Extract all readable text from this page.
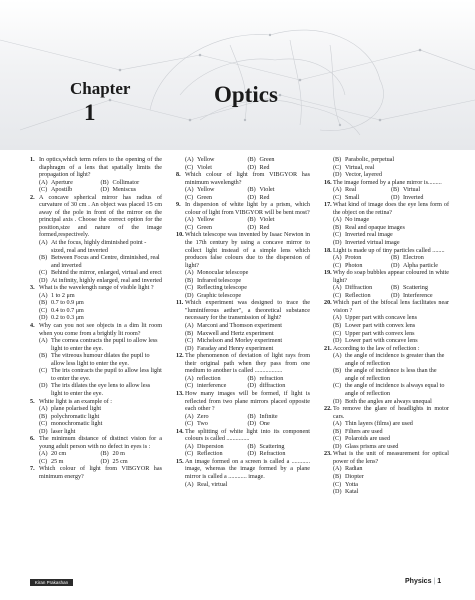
Chapter
1
Optics
1. In optics,which term refers to the opening of the diaphragm of a lens that spatially limits the propagation of light?
(A) Aperture	(B) Collimator
(C) Apostilb	(D) Meniscus
2. A concave spherical mirror has radius of curvature of 30 cm . An object was placed 15 cm away of the pole in front of the mirror on the principal axis . Choose the correct option for the position,size and nature of the image formed,respectively.
(A) At the focus, highly diminished point - sized, real and inverted
(B) Between Focus and Centre, diminished, real and inverted
(C) Behind the mirror, enlarged, virtual and erect
(D) At infinity, highly enlarged, real and inverted
3. What is the wavelength range of visible light ?
(A) 1 to 2 μm
(B) 0.7 to 0.9 μm
(C) 0.4 to 0.7 μm
(D) 0.2 to 0.3 μm
4. Why can you not see objects in a dim lit room when you come from a brightly lit room?
(A) The cornea contracts the pupil to allow less light to enter the eye.
(B) The vitreous humour dilates the pupil to allow less light to enter the eye.
(C) The iris contracts the pupil to allow less light to enter the eye.
(D) The iris dilates the eye lens to allow less light to enter the eye.
5. White light is an example of :
(A) plane polarised light
(B) polychromatic light
(C) monochromatic light
(D) laser light
6. The minimum distance of distinct vision for a young adult person with no defect in eyes is :
(A) 20 cm	(B) 20 m
(C) 25 m	(D) 25 cm
7. Which colour of light from VIBGYOR has minimum energy?
(A) Yellow	(B) Green
(C) Violet	(D) Red
8. Which colour of light from VIBGYOR has minimum wavelength?
(A) Yellow	(B) Violet
(C) Green	(D) Red
9. In dispersion of white light by a prism, which colour of light from VIBGYOR will be bent most?
(A) Yellow	(B) Violet
(C) Green	(D) Red
10. Which telescope was invented by Isaac Newton in the 17th century by using a concave mirror to collect light instead of a simple lens which produces false colours due to the dispersion of light?
(A) Monocular telescope
(B) Infrared telescope
(C) Reflecting telescope
(D) Graphic telescope
11. Which experiment was designed to trace the "luminiferous aether", a theoretical substance necessary for the transmission of light?
(A) Marconi and Thomson experiment
(B) Maxwell and Hertz experiment
(C) Michelson and Morley experiment
(D) Faraday and Henry experiment
12. The phenomenon of deviation of light rays from their original path when they pass from one medium to another is called ..................
(A) reflection	(B) refraction
(C) interference	(D) diffraction
13. How many images will be formed, if light is reflected from two plane mirrors placed opposite each other ?
(A) Zero	(B) Infinite
(C) Two	(D) One
14. The splitting of white light into its component colours is called ...............
(A) Dispersion	(B) Scattering
(C) Reflection	(D) Refraction
15. An image formed on a screen is called a ............ image, whereas the image formed by a plane mirror is called a ............ image.
(A) Real, virtual
(B) Parabolic, perpetual
(C) Virtual, real
(D) Vector, layered
16. The image formed by a plane mirror is.........
(A) Real	(B) Virtual
(C) Small	(D) Inverted
17. What kind of image does the eye lens form of the object on the retina?
(A) No image
(B) Real and opaque images
(C) Inverted real image
(D) Inverted virtual image
18. Light is made up of tiny particles called ........
(A) Proton	(B) Electron
(C) Photon	(D) Alpha particle
19. Why do soap bubbles appear coloured in white light?
(A) Diffraction	(B) Scattering
(C) Reflection	(D) Interference
20. Which part of the bifocal lens facilitates near vision ?
(A) Upper part with concave lens
(B) Lower part with convex lens
(C) Upper part with convex lens
(D) Lower part with concave lens
21. According to the law of reflection :
(A) the angle of incidence is greater than the angle of reflection
(B) the angle of incidence is less than the angle of reflection
(C) the angle of incidence is always equal to angle of reflection
(D) Both the angles are always unequal
22. To remove the glare of headlights in motor cars.
(A) Thin layers (films) are used
(B) Filters are used
(C) Polaroids are used
(D) Glass prisms are used
23. What is the unit of measurement for optical power of the lens?
(A) Radian
(B) Diopter
(C) Yotta
(D) Katal
Kiran Prakashan	Physics | 1
